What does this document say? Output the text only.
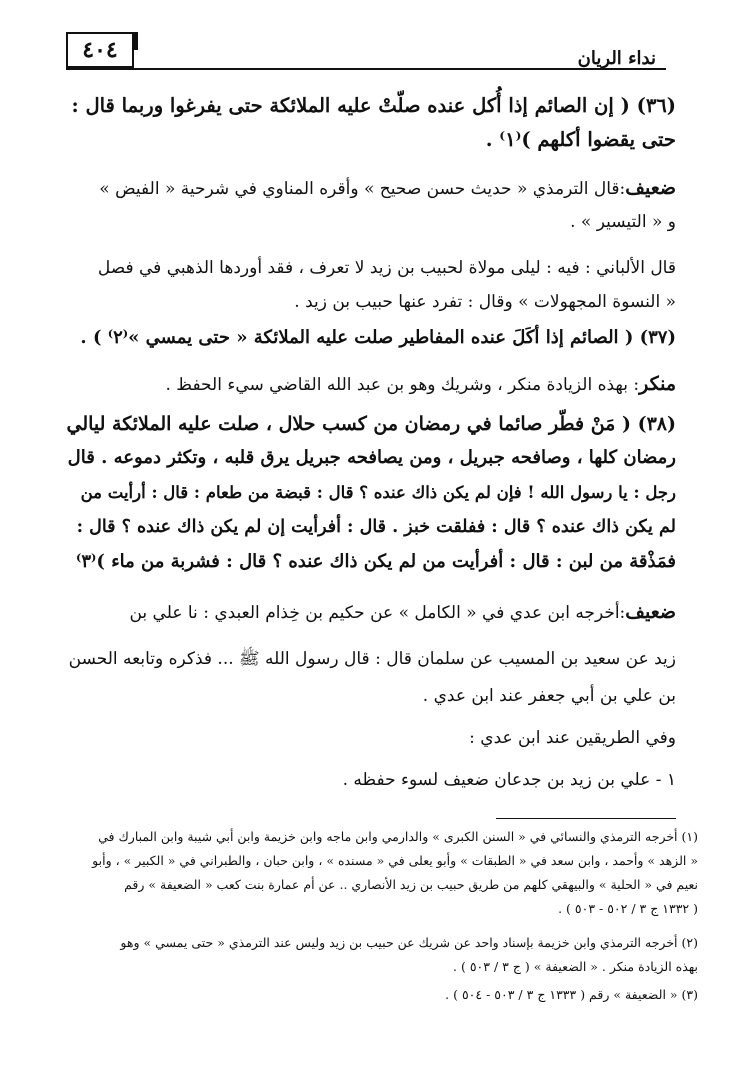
٤٠٤	نداء الريان
(٣٦) ( إن الصائم إذا أُكل عنده صلّتْ عليه الملائكة حتى يفرغوا وربما قال :
حتى يقضوا أكلهم )⁽١⁾ .
ضعيف:قال الترمذي « حديث حسن صحيح » وأقره المناوي في شرحية « الفيض »
و « التيسير » .
قال الألباني : فيه : ليلى مولاة لحبيب بن زيد لا تعرف ، فقد أوردها الذهبي في فصل
« النسوة المجهولات » وقال : تفرد عنها حبيب بن زيد .
(٣٧) ( الصائم إذا أكَلَ عنده المفاطير صلت عليه الملائكة « حتى يمسي »⁽٢⁾ ) .
منكر: بهذه الزيادة منكر ، وشريك وهو بن عبد الله القاضي سيء الحفظ .
(٣٨) ( مَنْ فطّر صائما في رمضان من كسب حلال ، صلت عليه الملائكة ليالي
رمضان كلها ، وصافحه جبريل ، ومن يصافحه جبريل يرق قلبه ، وتكثر دموعه . قال
رجل : يا رسول الله ! فإن لم يكن ذاك عنده ؟ قال : قبضة من طعام : قال : أرأيت من
لم يكن ذاك عنده ؟ قال : ففلقت خبز . قال : أفرأيت إن لم يكن ذاك عنده ؟ قال :
فمَذْقة من لبن : قال : أفرأيت من لم يكن ذاك عنده ؟ قال : فشربة من ماء )⁽٣⁾
ضعيف:أخرجه ابن عدي في « الكامل » عن حكيم بن خِذام العبدي : نا علي بن
زيد عن سعيد بن المسيب عن سلمان قال : قال رسول الله ﷺ ... فذكره وتابعه الحسن
بن علي بن أبي جعفر عند ابن عدي .
وفي الطريقين عند ابن عدي :
١ - علي بن زيد بن جدعان ضعيف لسوء حفظه .
(١) أخرجه الترمذي والنسائي في « السنن الكبرى » والدارمي وابن ماجه وابن خزيمة وابن أبي شيبة وابن المبارك في
« الزهد » وأحمد ، وابن سعد في « الطبقات » وأبو يعلى في « مسنده » ، وابن حبان ، والطبراني في « الكبير » ، وأبو
نعيم في « الحلية » والبيهقي كلهم من طريق حبيب بن زيد الأنصاري .. عن أم عمارة بنت كعب « الضعيفة » رقم
( ١٣٣٢ ج ٣ / ٥٠٢ - ٥٠٣ ) .
(٢) أخرجه الترمذي وابن خزيمة بإسناد واحد عن شريك عن حبيب بن زيد وليس عند الترمذي « حتى يمسي » وهو
بهذه الزيادة منكر . « الضعيفة » ( ج ٣ / ٥٠٣ ) .
(٣) « الضعيفة » رقم ( ١٣٣٣ ج ٣ / ٥٠٣ - ٥٠٤ ) .
